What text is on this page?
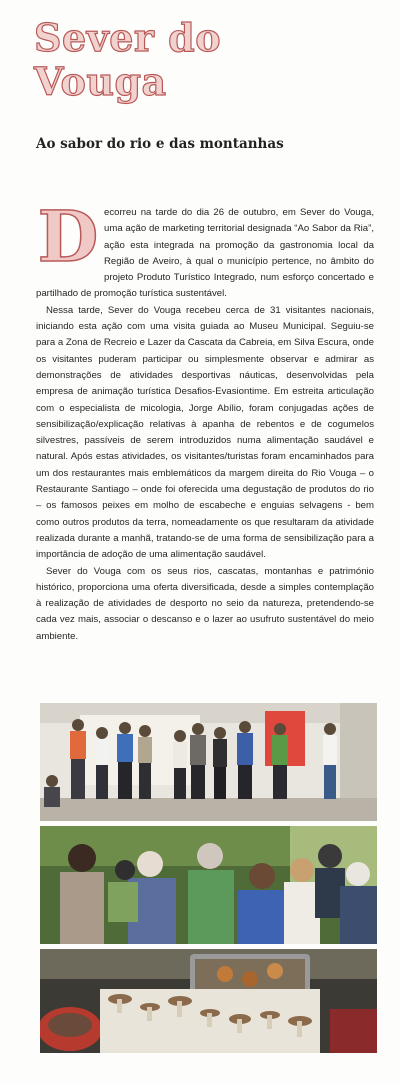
Sever do
Vouga
Ao sabor do rio e das montanhas
D ecorreu na tarde do dia 26 de outubro, em Sever do Vouga, uma ação de marketing territorial designada “Ao Sabor da Ria”, ação esta integrada na promoção da gastronomia local da Região de Aveiro, à qual o município pertence, no âmbito do projeto Produto Turístico Integrado, num esforço concertado e partilhado de promoção turística sustentável.

Nessa tarde, Sever do Vouga recebeu cerca de 31 visitantes nacionais, iniciando esta ação com uma visita guiada ao Museu Municipal. Seguiu-se para a Zona de Recreio e Lazer da Cascata da Cabreia, em Silva Escura, onde os visitantes puderam participar ou simplesmente observar e admirar as demonstrações de atividades desportivas náuticas, desenvolvidas pela empresa de animação turística Desafios-Evasiontime. Em estreita articulação com o especialista de micologia, Jorge Abílio, foram conjugadas ações de sensibilização/explicação relativas à apanha de rebentos e de cogumelos silvestres, passíveis de serem introduzidos numa alimentação saudável e natural. Após estas atividades, os visitantes/turistas foram encaminhados para um dos restaurantes mais emblemáticos da margem direita do Rio Vouga – o Restaurante Santiago – onde foi oferecida uma degustação de produtos do rio – os famosos peixes em molho de escabeche e enguias selvagens - bem como outros produtos da terra, nomeadamente os que resultaram da atividade realizada durante a manhã, tratando-se de uma forma de sensibilização para a importância de adoção de uma alimentação saudável.

Sever do Vouga com os seus rios, cascatas, montanhas e património histórico, proporciona uma oferta diversificada, desde a simples contemplação à realização de atividades de desporto no seio da natureza, pretendendo-se cada vez mais, associar o descanso e o lazer ao usufruto sustentável do meio ambiente.
